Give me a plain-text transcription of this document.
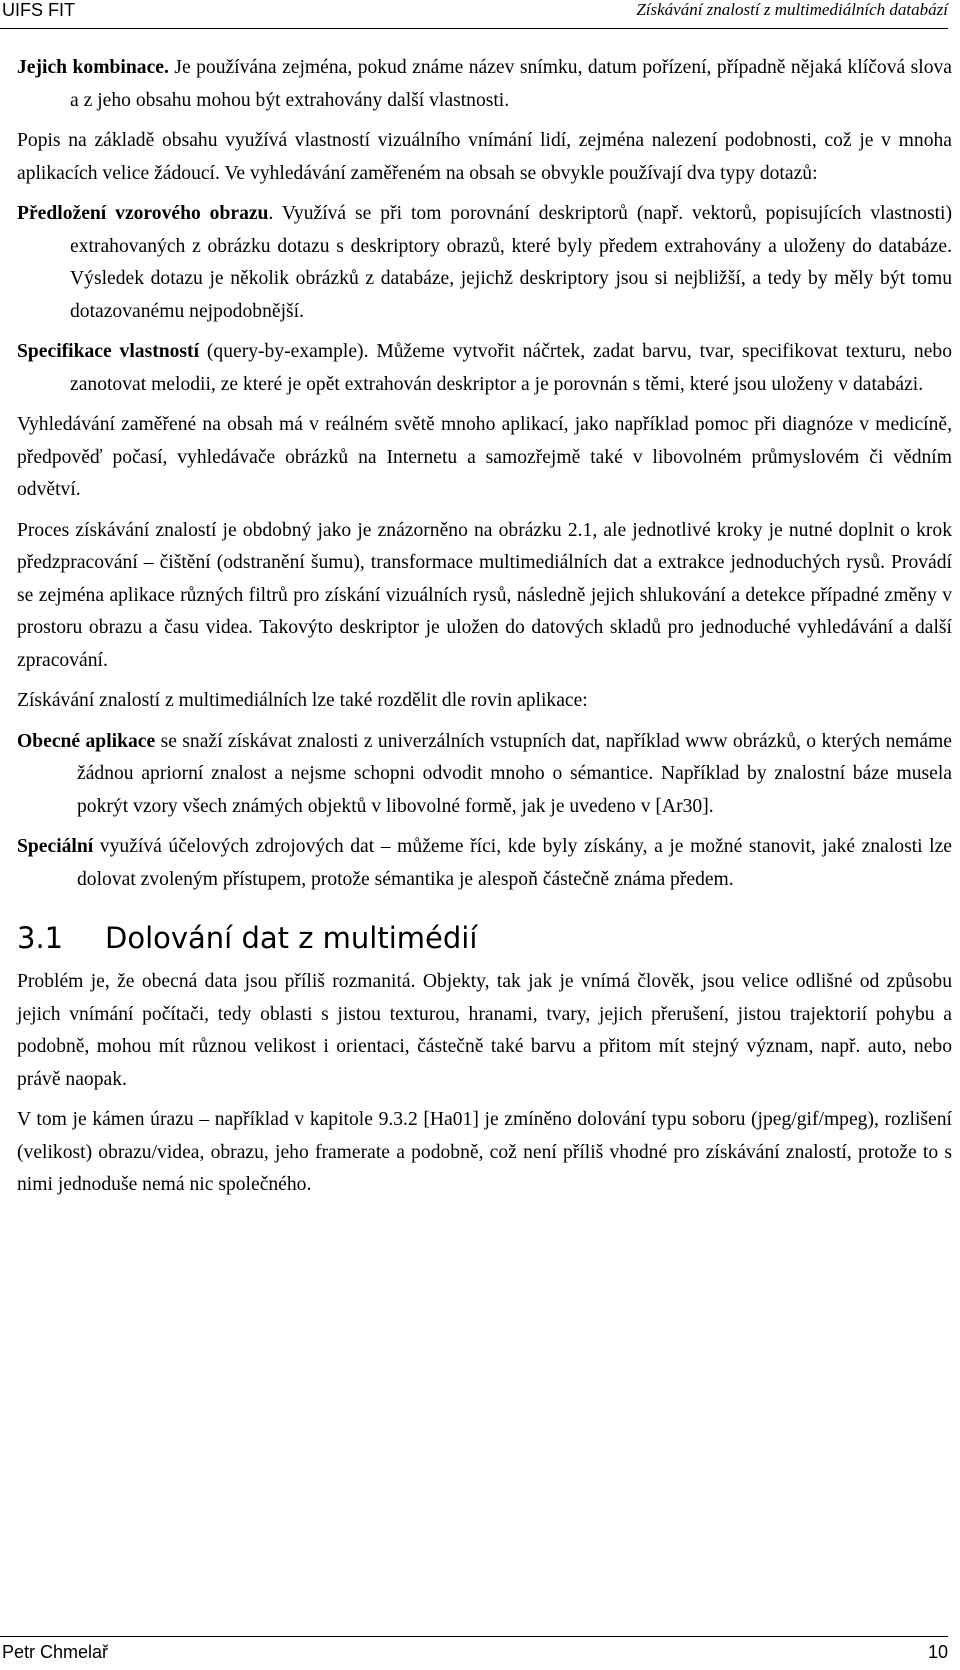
UIFS FIT	Získávání znalostí z multimediálních databází

Jejich kombinace. Je používána zejména, pokud známe název snímku, datum pořízení, případně nějaká klíčová slova a z jeho obsahu mohou být extrahovány další vlastnosti.

Popis na základě obsahu využívá vlastností vizuálního vnímání lidí, zejména nalezení podobnosti, což je v mnoha aplikacích velice žádoucí. Ve vyhledávání zaměřeném na obsah se obvykle používají dva typy dotazů:

Předložení vzorového obrazu. Využívá se při tom porovnání deskriptorů (např. vektorů, popisujících vlastnosti) extrahovaných z obrázku dotazu s deskriptory obrazů, které byly předem extrahovány a uloženy do databáze. Výsledek dotazu je několik obrázků z databáze, jejichž deskriptory jsou si nejbližší, a tedy by měly být tomu dotazovanému nejpodobnější.

Specifikace vlastností (query-by-example). Můžeme vytvořit náčrtek, zadat barvu, tvar, specifikovat texturu, nebo zanotovat melodii, ze které je opět extrahován deskriptor a je porovnán s těmi, které jsou uloženy v databázi.

Vyhledávání zaměřené na obsah má v reálném světě mnoho aplikací, jako například pomoc při diagnóze v medicíně, předpověď počasí, vyhledávače obrázků na Internetu a samozřejmě také v libovolném průmyslovém či vědním odvětví.

Proces získávání znalostí je obdobný jako je znázorněno na obrázku 2.1, ale jednotlivé kroky je nutné doplnit o krok předzpracování – čištění (odstranění šumu), transformace multimediálních dat a extrakce jednoduchých rysů. Provádí se zejména aplikace různých filtrů pro získání vizuálních rysů, následně jejich shlukování a detekce případné změny v prostoru obrazu a času videa. Takovýto deskriptor je uložen do datových skladů pro jednoduché vyhledávání a další zpracování.

Získávání znalostí z multimediálních lze také rozdělit dle rovin aplikace:

Obecné aplikace se snaží získávat znalosti z univerzálních vstupních dat, například www obrázků, o kterých nemáme žádnou apriorní znalost a nejsme schopni odvodit mnoho o sémantice. Například by znalostní báze musela pokrýt vzory všech známých objektů v libovolné formě, jak je uvedeno v [Ar30].

Speciální využívá účelových zdrojových dat – můžeme říci, kde byly získány, a je možné stanovit, jaké znalosti lze dolovat zvoleným přístupem, protože sémantika je alespoň částečně známa předem.

3.1 Dolování dat z multimédií

Problém je, že obecná data jsou příliš rozmanitá. Objekty, tak jak je vnímá člověk, jsou velice odlišné od způsobu jejich vnímání počítači, tedy oblasti s jistou texturou, hranami, tvary, jejich přerušení, jistou trajektorií pohybu a podobně, mohou mít různou velikost i orientaci, částečně také barvu a přitom mít stejný význam, např. auto, nebo právě naopak.

V tom je kámen úrazu – například v kapitole 9.3.2 [Ha01] je zmíněno dolování typu soboru (jpeg/gif/mpeg), rozlišení (velikost) obrazu/videa, obrazu, jeho framerate a podobně, což není příliš vhodné pro získávání znalostí, protože to s nimi jednoduše nemá nic společného.

Petr Chmelař	10
